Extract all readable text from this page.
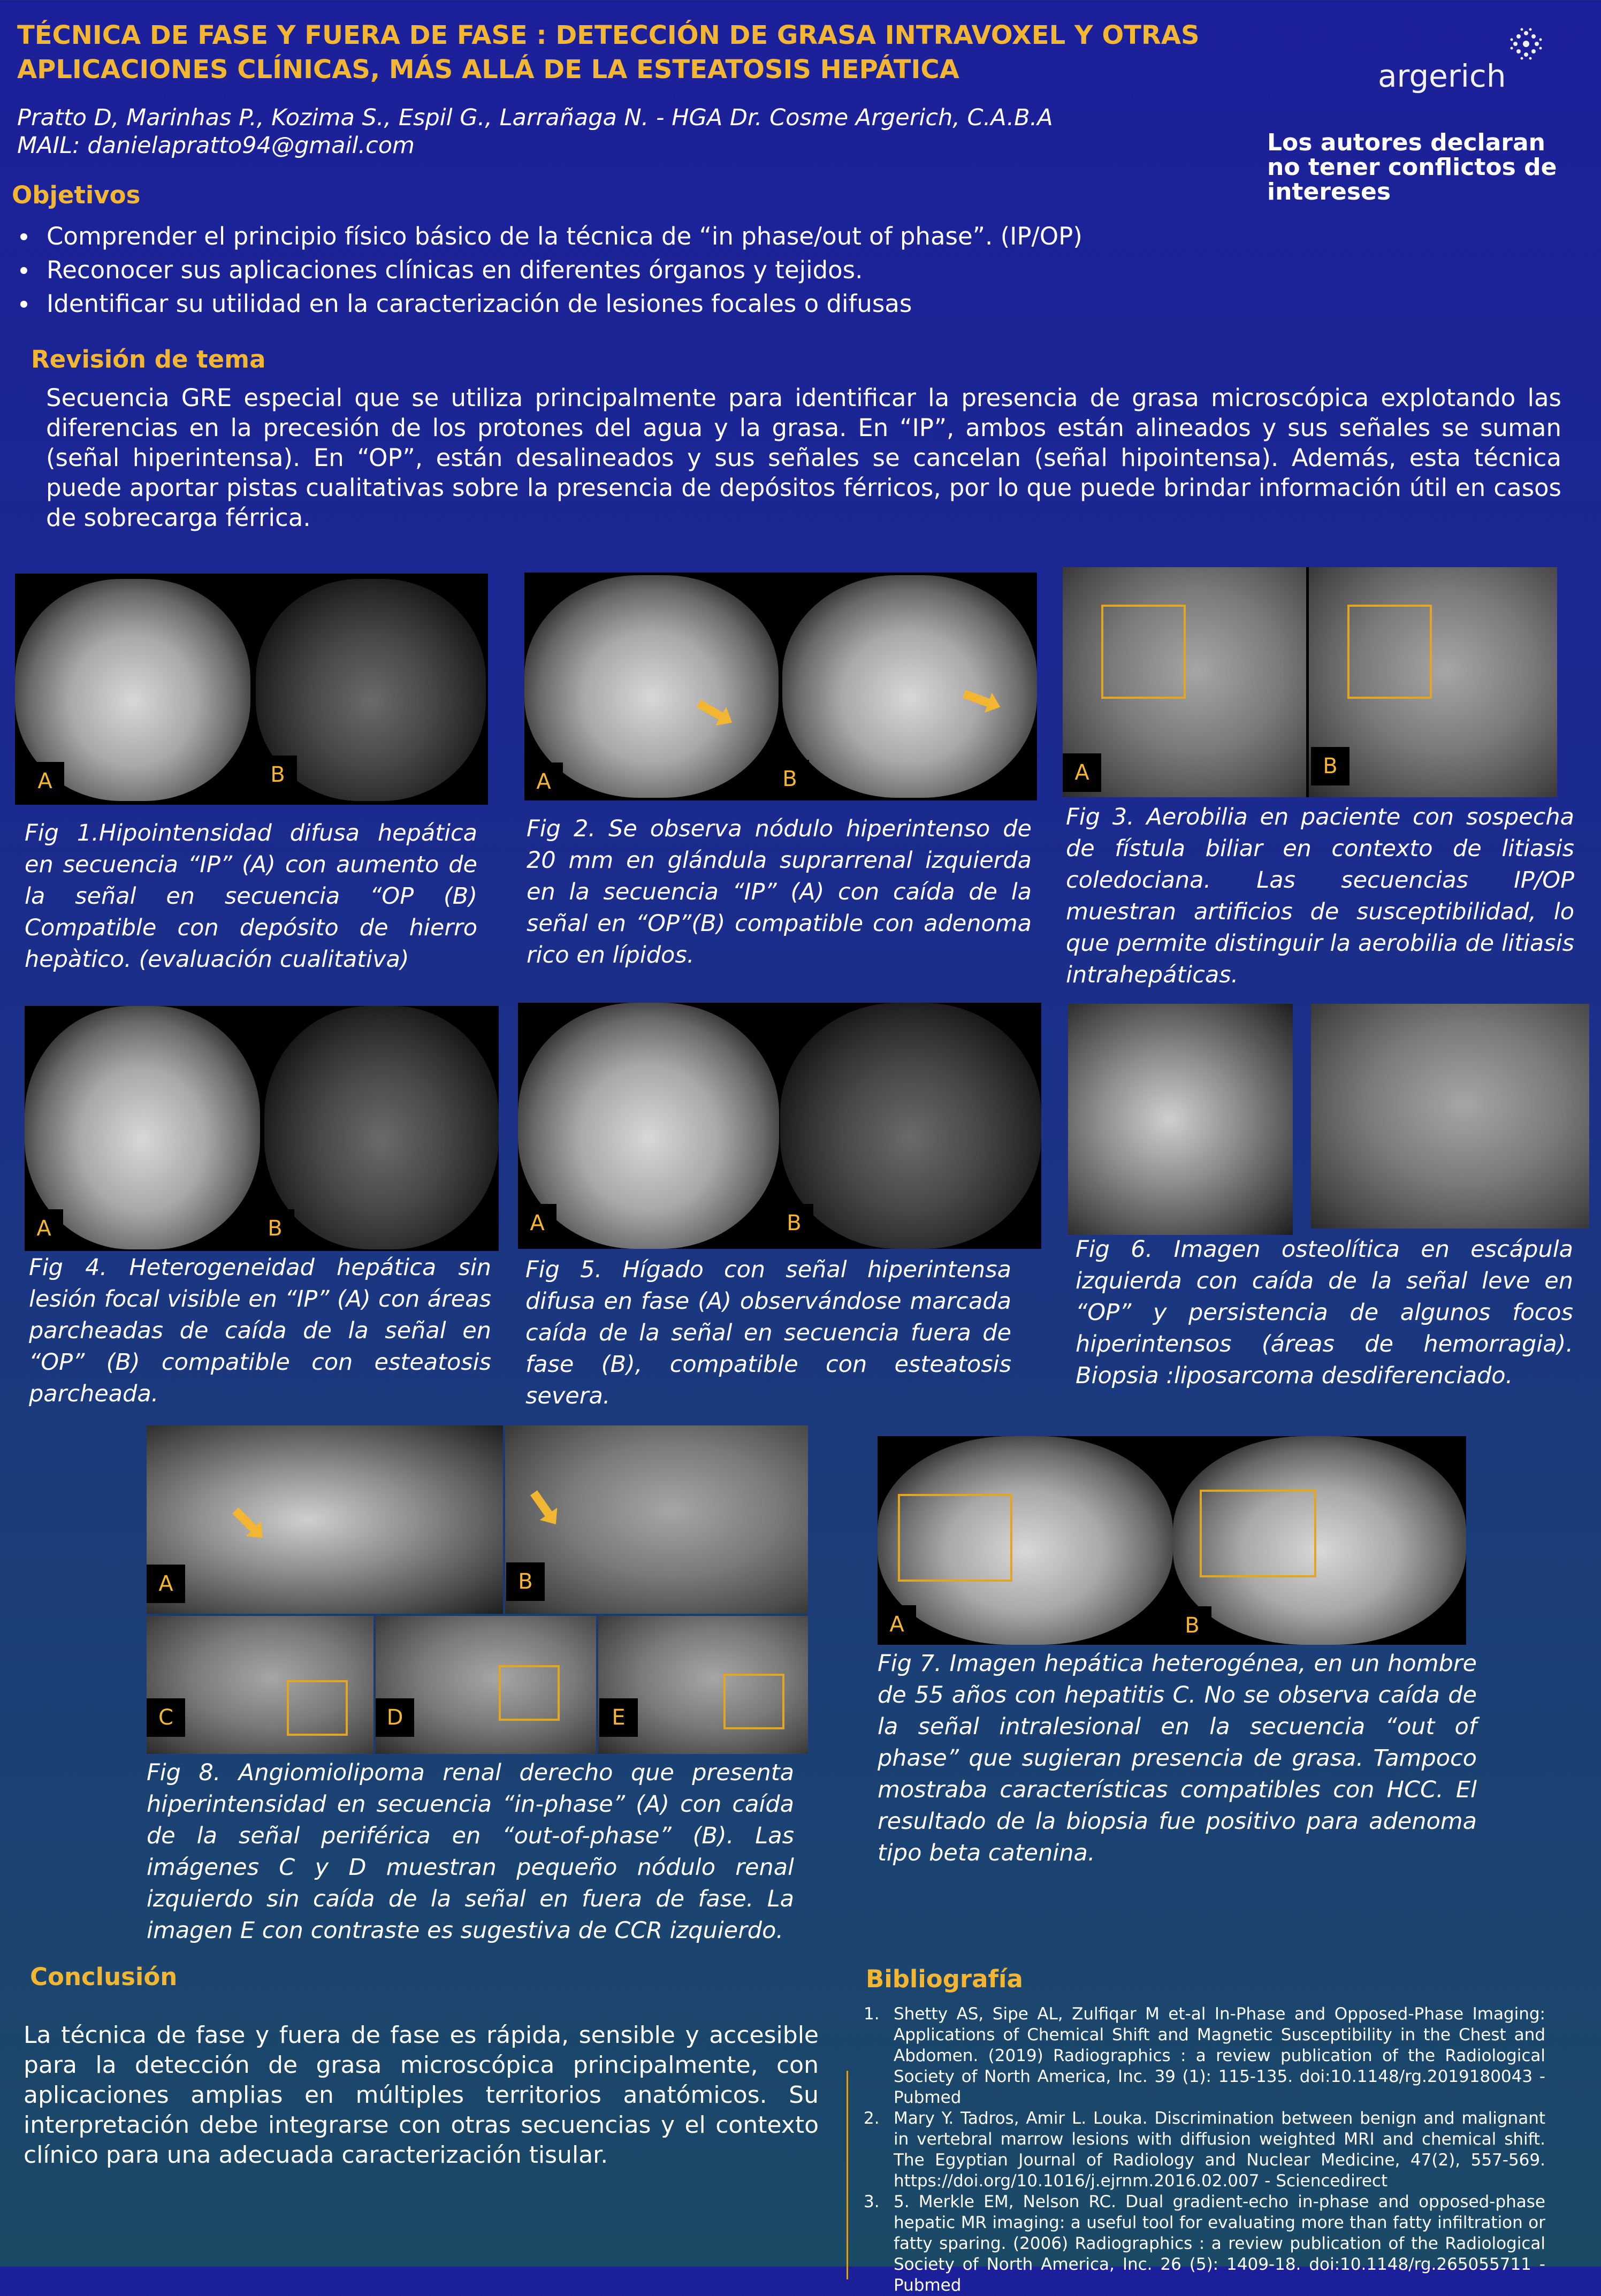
TÉCNICA DE FASE Y FUERA DE FASE : DETECCIÓN DE GRASA INTRAVOXEL Y OTRAS APLICACIONES CLÍNICAS, MÁS ALLÁ DE LA ESTEATOSIS HEPÁTICA
Pratto D, Marinhas P., Kozima S., Espil G., Larrañaga N. - HGA Dr. Cosme Argerich, C.A.B.A
MAIL: danielapratto94@gmail.com
argerich
Los autores declaran no tener conflictos de intereses
Objetivos
Comprender el principio físico básico de la técnica de “in phase/out of phase”. (IP/OP)
Reconocer sus aplicaciones clínicas en diferentes órganos y tejidos.
Identificar su utilidad en la caracterización de lesiones focales o difusas
Revisión de tema
Secuencia GRE especial que se utiliza principalmente para identificar la presencia de grasa microscópica explotando las diferencias en la precesión de los protones del agua y la grasa. En “IP”, ambos están alineados y sus señales se suman (señal hiperintensa). En “OP”, están desalineados y sus señales se cancelan (señal hipointensa). Además, esta técnica puede aportar pistas cualitativas sobre la presencia de depósitos férricos, por lo que puede brindar información útil en casos de sobrecarga férrica.
A	B
Fig 1.Hipointensidad difusa hepática en secuencia “IP” (A) con aumento de la señal en secuencia “OP (B) Compatible con depósito de hierro hepàtico. (evaluación cualitativa)
A	B
Fig 2. Se observa nódulo hiperintenso de 20 mm en glándula suprarrenal izquierda en la secuencia “IP” (A) con caída de la señal en “OP”(B) compatible con adenoma rico en lípidos.
A	B
Fig 3. Aerobilia en paciente con sospecha de fístula biliar en contexto de litiasis coledociana. Las secuencias IP/OP muestran artificios de susceptibilidad, lo que permite distinguir la aerobilia de litiasis intrahepáticas.
A	B
Fig 4. Heterogeneidad hepática sin lesión focal visible en “IP” (A) con áreas parcheadas de caída de la señal en “OP” (B) compatible con esteatosis parcheada.
A	B
Fig 5. Hígado con señal hiperintensa difusa en fase (A) observándose marcada caída de la señal en secuencia fuera de fase (B), compatible con esteatosis severa.
Fig 6. Imagen osteolítica en escápula izquierda con caída de la señal leve en “OP” y persistencia de algunos focos hiperintensos (áreas de hemorragia). Biopsia :liposarcoma desdiferenciado.
A	B
C	D	E
Fig 8. Angiomiolipoma renal derecho que presenta hiperintensidad en secuencia “in-phase” (A) con caída de la señal periférica en “out-of-phase” (B). Las imágenes C y D muestran pequeño nódulo renal izquierdo sin caída de la señal en fuera de fase. La imagen E con contraste es sugestiva de CCR izquierdo.
A	B
Fig 7. Imagen hepática heterogénea, en un hombre de 55 años con hepatitis C. No se observa caída de la señal intralesional en la secuencia “out of phase” que sugieran presencia de grasa. Tampoco mostraba características compatibles con HCC. El resultado de la biopsia fue positivo para adenoma tipo beta catenina.
Conclusión
La técnica de fase y fuera de fase es rápida, sensible y accesible para la detección de grasa microscópica principalmente, con aplicaciones amplias en múltiples territorios anatómicos. Su interpretación debe integrarse con otras secuencias y el contexto clínico para una adecuada caracterización tisular.
Bibliografía
1. Shetty AS, Sipe AL, Zulfiqar M et-al In-Phase and Opposed-Phase Imaging: Applications of Chemical Shift and Magnetic Susceptibility in the Chest and Abdomen. (2019) Radiographics : a review publication of the Radiological Society of North America, Inc. 39 (1): 115-135. doi:10.1148/rg.2019180043 - Pubmed
2. Mary Y. Tadros, Amir L. Louka. Discrimination between benign and malignant in vertebral marrow lesions with diffusion weighted MRI and chemical shift. The Egyptian Journal of Radiology and Nuclear Medicine, 47(2), 557-569. https://doi.org/10.1016/j.ejrnm.2016.02.007 - Sciencedirect
3. 5. Merkle EM, Nelson RC. Dual gradient-echo in-phase and opposed-phase hepatic MR imaging: a useful tool for evaluating more than fatty infiltration or fatty sparing. (2006) Radiographics : a review publication of the Radiological Society of North America, Inc. 26 (5): 1409-18. doi:10.1148/rg.265055711 - Pubmed
